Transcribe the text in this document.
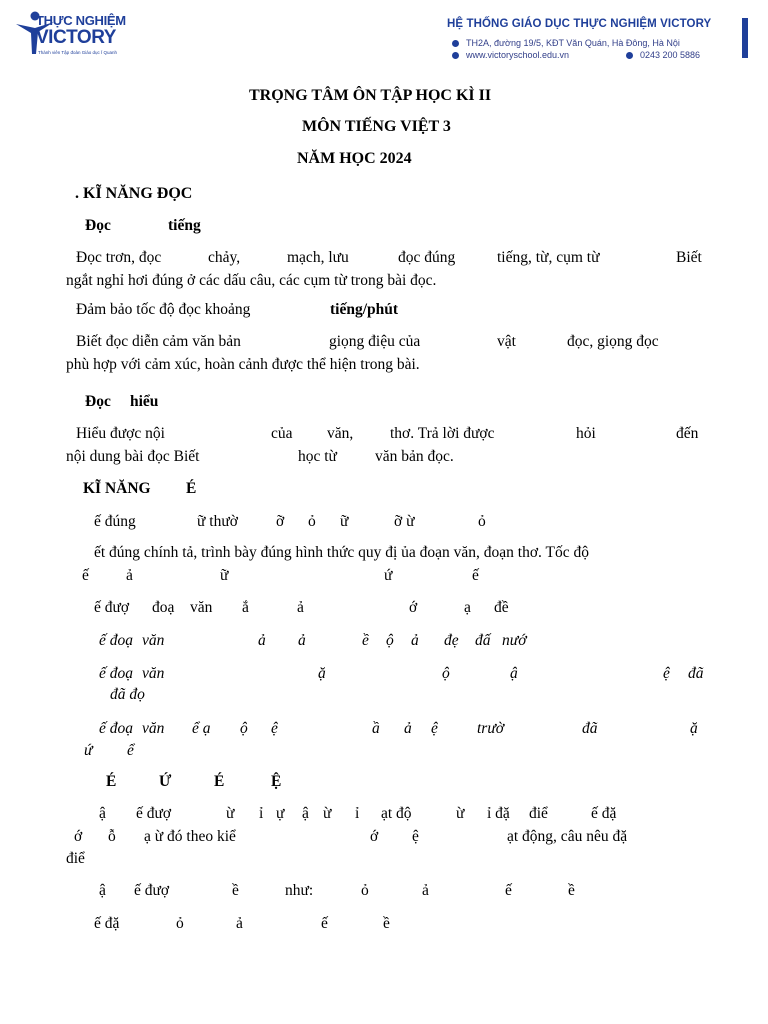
THỰC NGHIỆM
VICTORY
Thành viên Tập đoàn Giáo dục Ĩ Quanh
HỆ THỐNG GIÁO DỤC THỰC NGHIỆM VICTORY
TH2A, đường 19/5, KĐT Văn Quán, Hà Đông, Hà Nội
www.victoryschool.edu.vn	0243 200 5886
TRỌNG TÂM ÔN TẬP HỌC KÌ II
MÔN TIẾNG VIỆT 3
NĂM HỌC 2024
. KĨ NĂNG ĐỌC
Đọc	tiếng
Đọc trơn, đọc	chảy,	mạch, lưu	đọc đúng	tiếng, từ, cụm từ	Biết
ngắt nghỉ hơi đúng ở các dấu câu, các cụm từ trong bài đọc.
Đảm bảo tốc độ đọc khoảng	tiếng/phút
Biết đọc diễn cảm văn bản	giọng điệu của	vật	đọc, giọng đọc
phù hợp với cảm xúc, hoàn cảnh được thể hiện trong bài.
Đọc hiểu
Hiểu được nội	của văn, thơ. Trả lời được	hỏi	đến
nội dung bài đọc Biết	học từ văn bản đọc.
KĨ NĂNG É
ế đúng	ữ thườ ỡ ỏ ữ	ỡ ừ	ỏ
ết đúng chính tả, trình bày đúng hình thức quy đị ủa đoạn văn, đoạn thơ. Tốc độ
ế ả	ữ	ứ	ế
ế đượ đoạ văn ắ	ả	ớ	ạ đề
ế đoạ văn	ả ả	ề ộ ả đẹ đấ nướ
ế đoạ văn	ặ	ộ	ậ	ệ đã
đã đọ
ế đoạ văn ể ạ ộ ệ	ầ ả ệ	trườ	đã	ặ
ứ ể
É	Ứ	É	Ệ
ậ ế đượ	ừ ỉ ự ậ ừ ỉ ạt độ	ừ ỉ đặ điể	ế đặ
ớ ỗ ạ ừ đó theo kiể	ớ ệ	ạt động, câu nêu đặ
điể
ậ ế đượ	ề	như:	ỏ	ả	ế	ề
ế đặ	ỏ	ả	ế	ề
